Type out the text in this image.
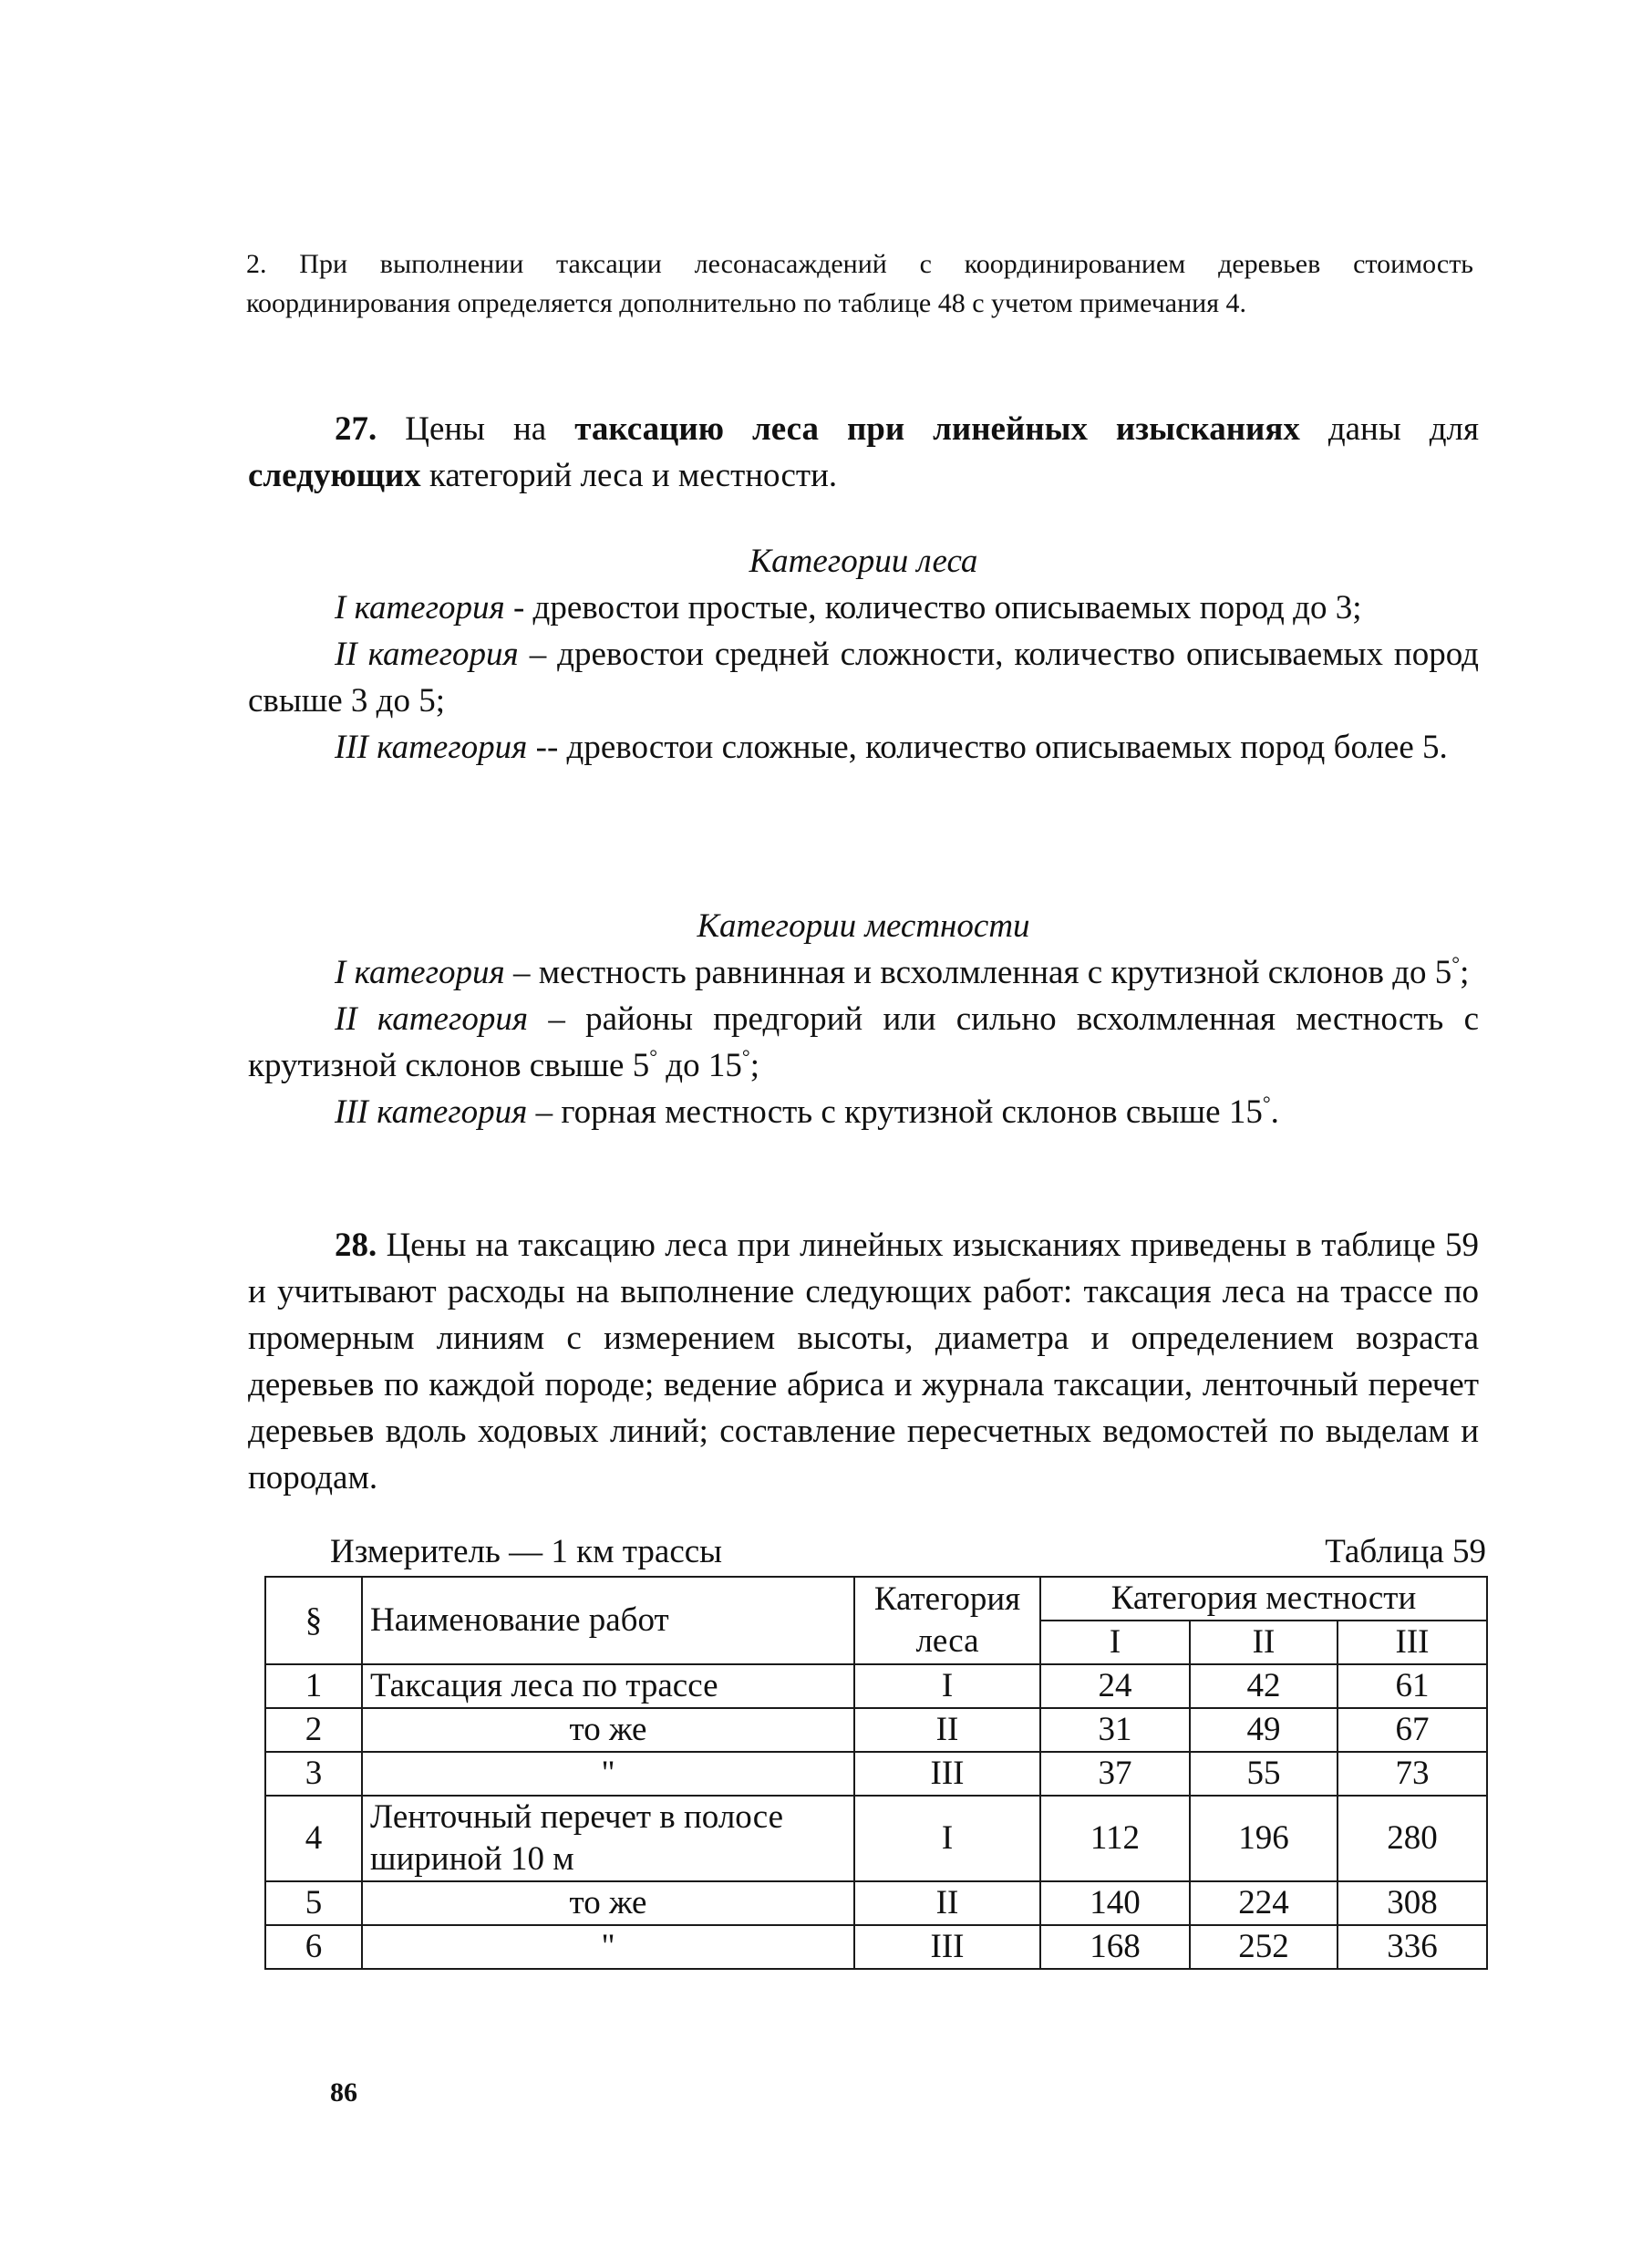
2. При выполнении таксации лесонасаждений с координированием деревьев стоимость координирования определяется дополнительно по таблице 48 с учетом примечания 4.

27. Цены на таксацию леса при линейных изысканиях даны для следующих категорий леса и местности.

Категории леса

I категория - древостои простые, количество описываемых пород до 3;

II категория – древостои средней сложности, количество описываемых пород свыше 3 до 5;

III категория -- древостои сложные, количество описываемых пород более 5.

Категории местности

I категория – местность равнинная и всхолмленная с крутизной склонов до 5°;

II категория – районы предгорий или сильно всхолмленная местность с крутизной склонов свыше 5° до 15°;

III категория – горная местность с крутизной склонов свыше 15°.

28. Цены на таксацию леса при линейных изысканиях приведены в таблице 59 и учитывают расходы на выполнение следующих работ: таксация леса на трассе по промерным линиям с измерением высоты, диаметра и определением возраста деревьев по каждой породе; ведение абриса и журнала таксации, ленточный перечет деревьев вдоль ходовых линий; составление пересчетных ведомостей по выделам и породам.

Измеритель — 1 км трассы	Таблица 59
§	Наименование работ	Категория леса	Категория местности		
			I	II	III
1	Таксация леса по трассе	I	24	42	61
2	то же	II	31	49	67
3	"	III	37	55	73
4	Ленточный перечет в полосе шириной 10 м	I	112	196	280
5	то же	II	140	224	308
6	"	III	168	252	336
86
